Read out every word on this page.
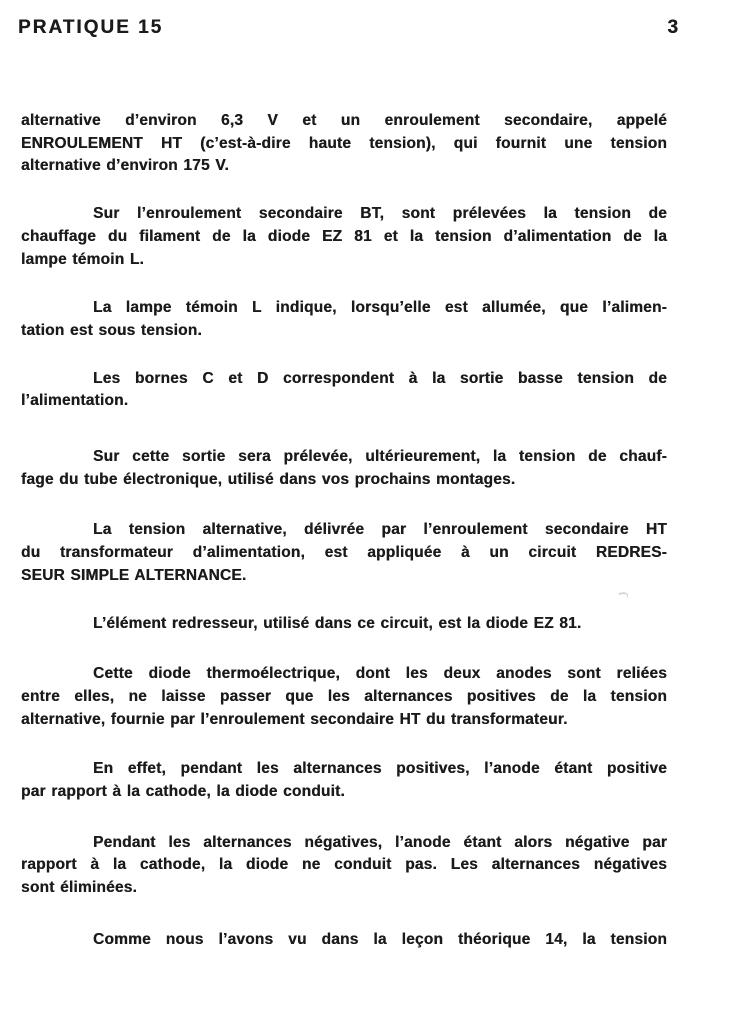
PRATIQUE 15	3

alternative d’environ 6,3 V et un enroulement secondaire, appelé
ENROULEMENT HT (c’est-à-dire haute tension), qui fournit une tension
alternative d’environ 175 V.

Sur l’enroulement secondaire BT, sont prélevées la tension de
chauffage du filament de la diode EZ 81 et la tension d’alimentation de la
lampe témoin L.

La lampe témoin L indique, lorsqu’elle est allumée, que l’alimen-
tation est sous tension.

Les bornes C et D correspondent à la sortie basse tension de
l’alimentation.

Sur cette sortie sera prélevée, ultérieurement, la tension de chauf-
fage du tube électronique, utilisé dans vos prochains montages.

La tension alternative, délivrée par l’enroulement secondaire HT
du transformateur d’alimentation, est appliquée à un circuit REDRES-
SEUR SIMPLE ALTERNANCE.

L’élément redresseur, utilisé dans ce circuit, est la diode EZ 81.

Cette diode thermoélectrique, dont les deux anodes sont reliées
entre elles, ne laisse passer que les alternances positives de la tension
alternative, fournie par l’enroulement secondaire HT du transformateur.

En effet, pendant les alternances positives, l’anode étant positive
par rapport à la cathode, la diode conduit.

Pendant les alternances négatives, l’anode étant alors négative par
rapport à la cathode, la diode ne conduit pas. Les alternances négatives
sont éliminées.

Comme nous l’avons vu dans la leçon théorique 14, la tension
